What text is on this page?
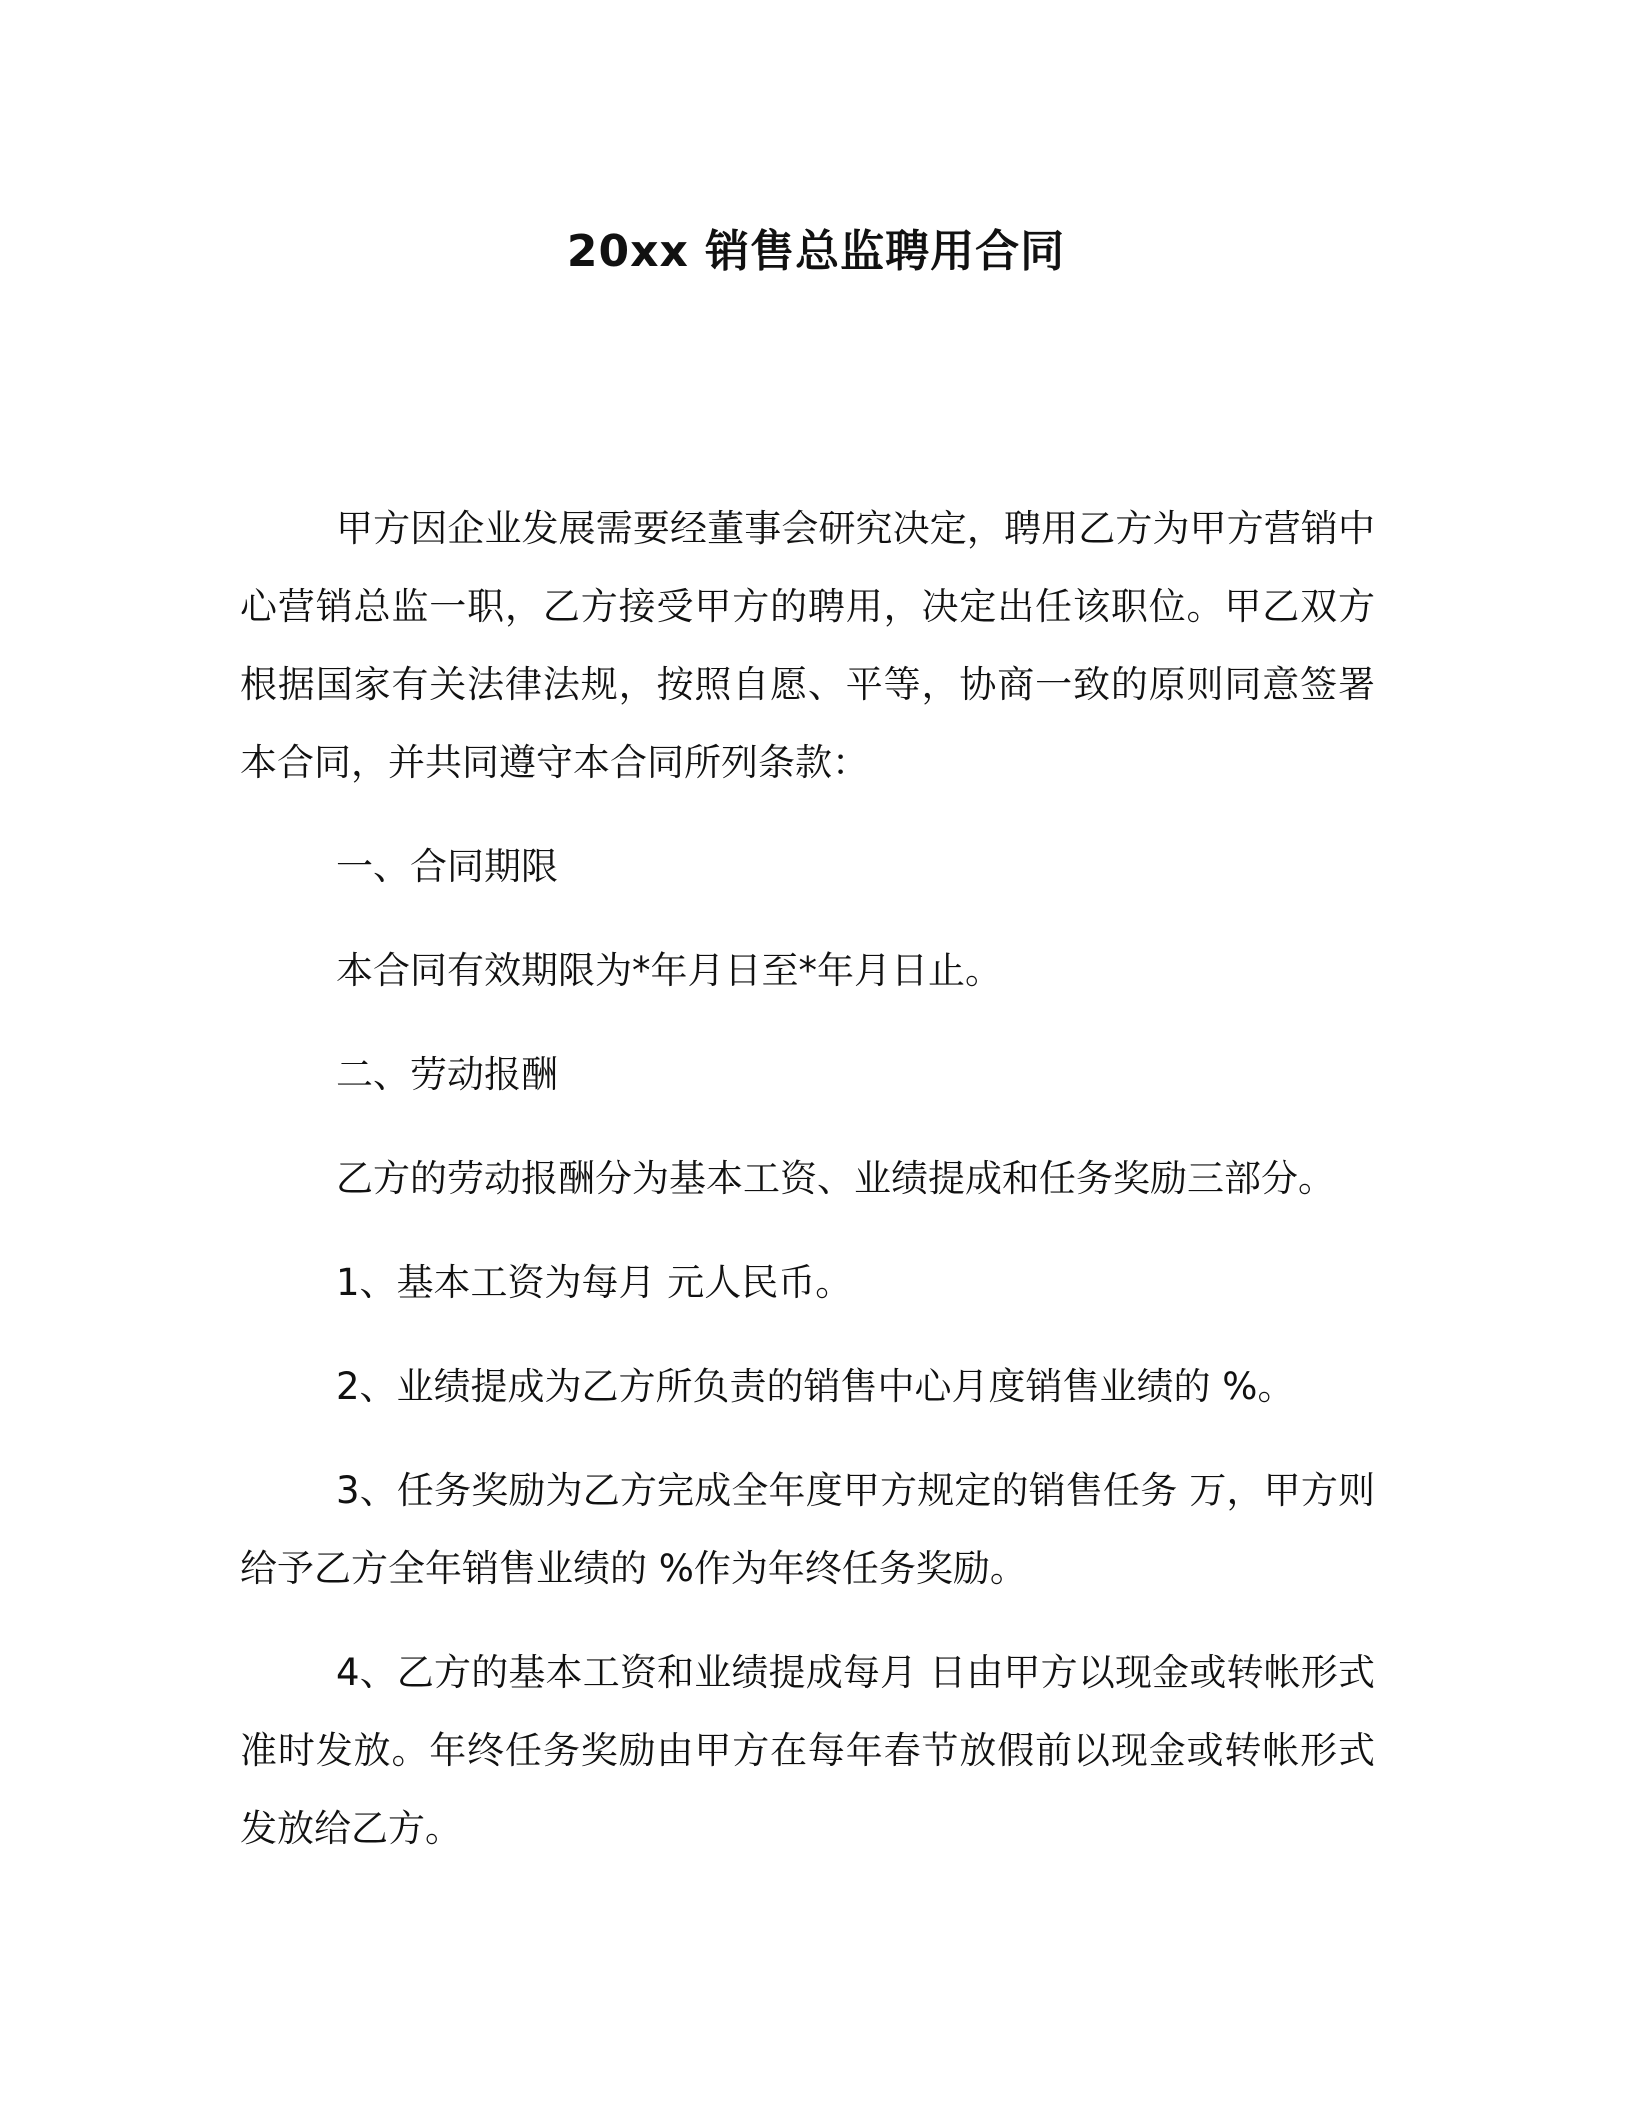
20xx 销售总监聘用合同

甲方因企业发展需要经董事会研究决定，聘用乙方为甲方营销中心营销总监一职，乙方接受甲方的聘用，决定出任该职位。甲乙双方根据国家有关法律法规，按照自愿、平等，协商一致的原则同意签署本合同，并共同遵守本合同所列条款：

一、合同期限

本合同有效期限为*年月日至*年月日止。

二、劳动报酬

乙方的劳动报酬分为基本工资、业绩提成和任务奖励三部分。

1、基本工资为每月 元人民币。

2、业绩提成为乙方所负责的销售中心月度销售业绩的 %。

3、任务奖励为乙方完成全年度甲方规定的销售任务 万，甲方则给予乙方全年销售业绩的 %作为年终任务奖励。

4、乙方的基本工资和业绩提成每月 日由甲方以现金或转帐形式准时发放。年终任务奖励由甲方在每年春节放假前以现金或转帐形式发放给乙方。
